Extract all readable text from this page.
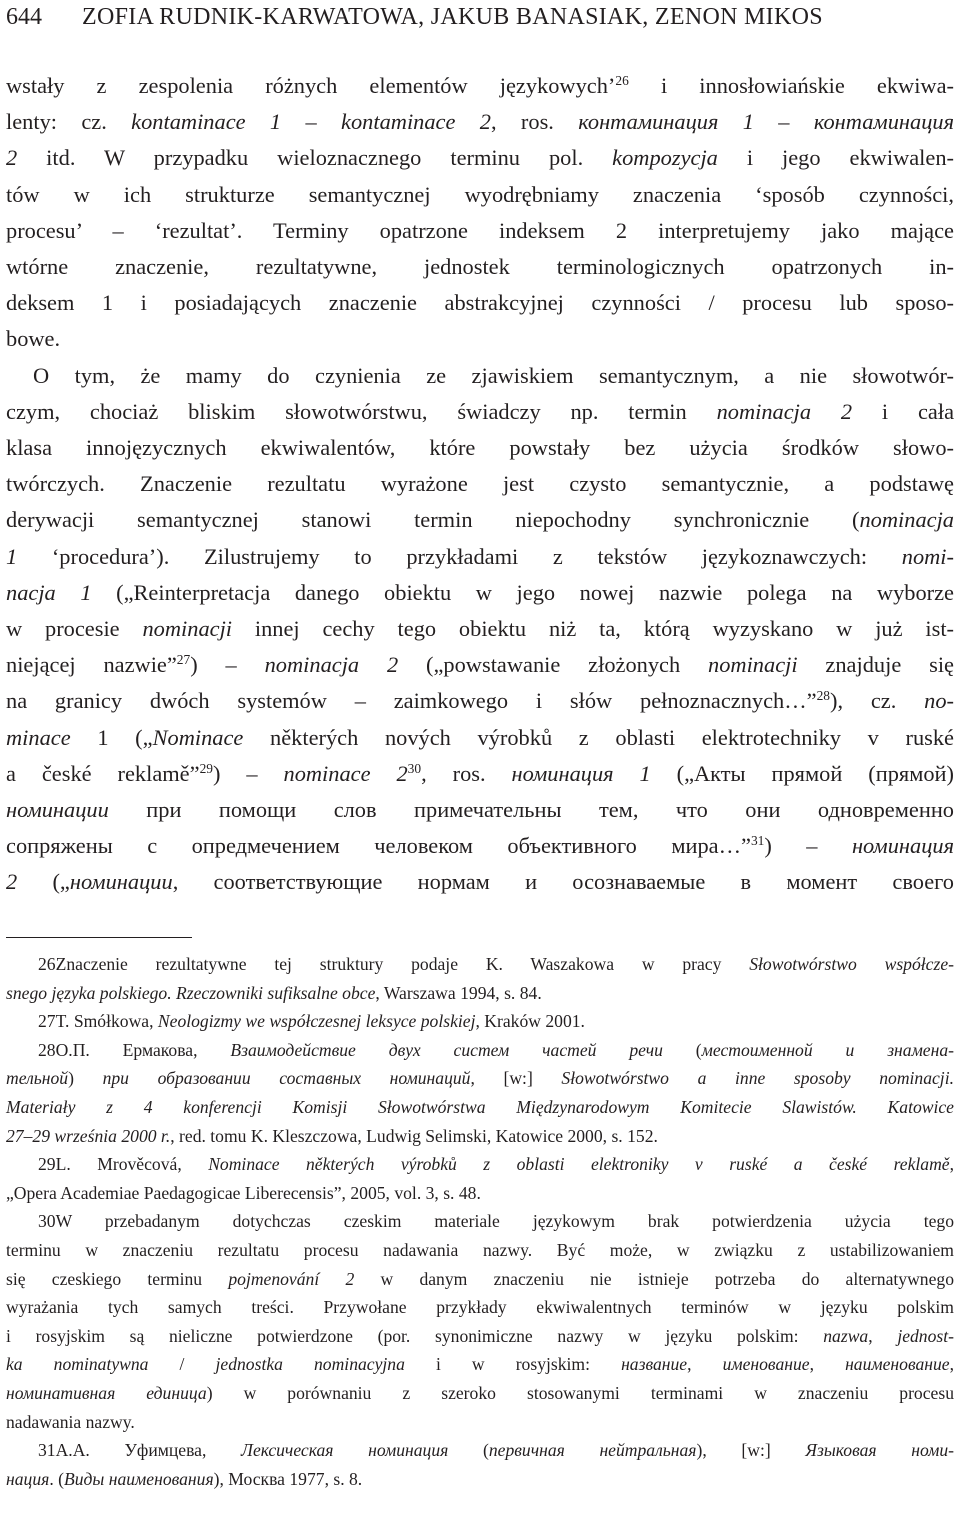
644 ZOFIA RUDNIK-KARWATOWA, JAKUB BANASIAK, ZENON MIKOS
wstały z zespolenia różnych elementów językowych’$^{26}$ i innosłowiańskie ekwiwa-
lenty: cz. kontaminace 1 – kontaminace 2, ros. контаминация 1 – контаминация
2 itd. W przypadku wieloznacznego terminu pol. kompozycja i jego ekwiwalen-
tów w ich strukturze semantycznej wyodrębniamy znaczenia ‘sposób czynności,
procesu’ – ‘rezultat’. Terminy opatrzone indeksem 2 interpretujemy jako mające
wtórne znaczenie, rezultatywne, jednostek terminologicznych opatrzonych in-
deksem 1 i posiadających znaczenie abstrakcyjnej czynności / procesu lub sposo-
bowe.
O tym, że mamy do czynienia ze zjawiskiem semantycznym, a nie słowotwór-
czym, chociaż bliskim słowotwórstwu, świadczy np. termin nominacja 2 i cała
klasa innojęzycznych ekwiwalentów, które powstały bez użycia środków słowo-
twórczych. Znaczenie rezultatu wyrażone jest czysto semantycznie, a podstawę
derywacji semantycznej stanowi termin niepochodny synchronicznie (nominacja
1 ‘procedura’). Zilustrujemy to przykładami z tekstów językoznawczych: nomi-
nacja 1 („Reinterpretacja danego obiektu w jego nowej nazwie polega na wyborze
w procesie nominacji innej cechy tego obiektu niż ta, którą wyzyskano w już ist-
niejącej nazwie”$^{27}$) – nominacja 2 („powstawanie złożonych nominacji znajduje się
na granicy dwóch systemów – zaimkowego i słów pełnoznacznych…”$^{28}$), cz. no-
minace 1 („Nominace některých nových výrobků z oblasti elektrotechniky v ruské
a české reklamě”$^{29}$) – nominace $2^{30}$, ros. номинация 1 („Акты прямой (прямой)
номинации при помощи слов примечательны тем, что они одновременно
сопряжены с опредмечением человеком объективного мира…”$^{31}$) – номинация
2 („номинации, соответствующие нормам и осознаваемые в момент своего
26Znaczenie rezultatywne tej struktury podaje K. Waszakowa w pracy Słowotwórstwo współcze-
snego języka polskiego. Rzeczowniki sufiksalne obce, Warszawa 1994, s. 84.
27T. Smółkowa, Neologizmy we współczesnej leksyce polskiej, Kraków 2001.
28О.П. Ермакова, Взаимодействие двух систем частей речи (местоименной и знамена-
тельной) при образовании составных номинаций, [w:] Słowotwórstwo a inne sposoby nominacji.
Materiały z 4 konferencji Komisji Słowotwórstwa Międzynarodowym Komitecie Slawistów. Katowice
27–29 września 2000 r., red. tomu K. Kleszczowa, Ludwig Selimski, Katowice 2000, s. 152.
29L. Mrověcová, Nominace některých výrobků z oblasti elektroniky v ruské a české reklamě,
„Opera Academiae Paedagogicae Liberecensis”, 2005, vol. 3, s. 48.
30W przebadanym dotychczas czeskim materiale językowym brak potwierdzenia użycia tego
terminu w znaczeniu rezultatu procesu nadawania nazwy. Być może, w związku z ustabilizowaniem
się czeskiego terminu pojmenování 2 w danym znaczeniu nie istnieje potrzeba do alternatywnego
wyrażania tych samych treści. Przywołane przykłady ekwiwalentnych terminów w języku polskim
i rosyjskim są nieliczne potwierdzone (por. synonimiczne nazwy w języku polskim: nazwa, jednost-
ka nominatywna / jednostka nominacyjna i w rosyjskim: название, именование, наименование,
номинативная единица) w porównaniu z szeroko stosowanymi terminami w znaczeniu procesu
nadawania nazwy.
31А.А. Уфимцева, Лексическая номинация (первичная нейтральная), [w:] Языковая номи-
нация. (Виды наименования), Москва 1977, s. 8.
